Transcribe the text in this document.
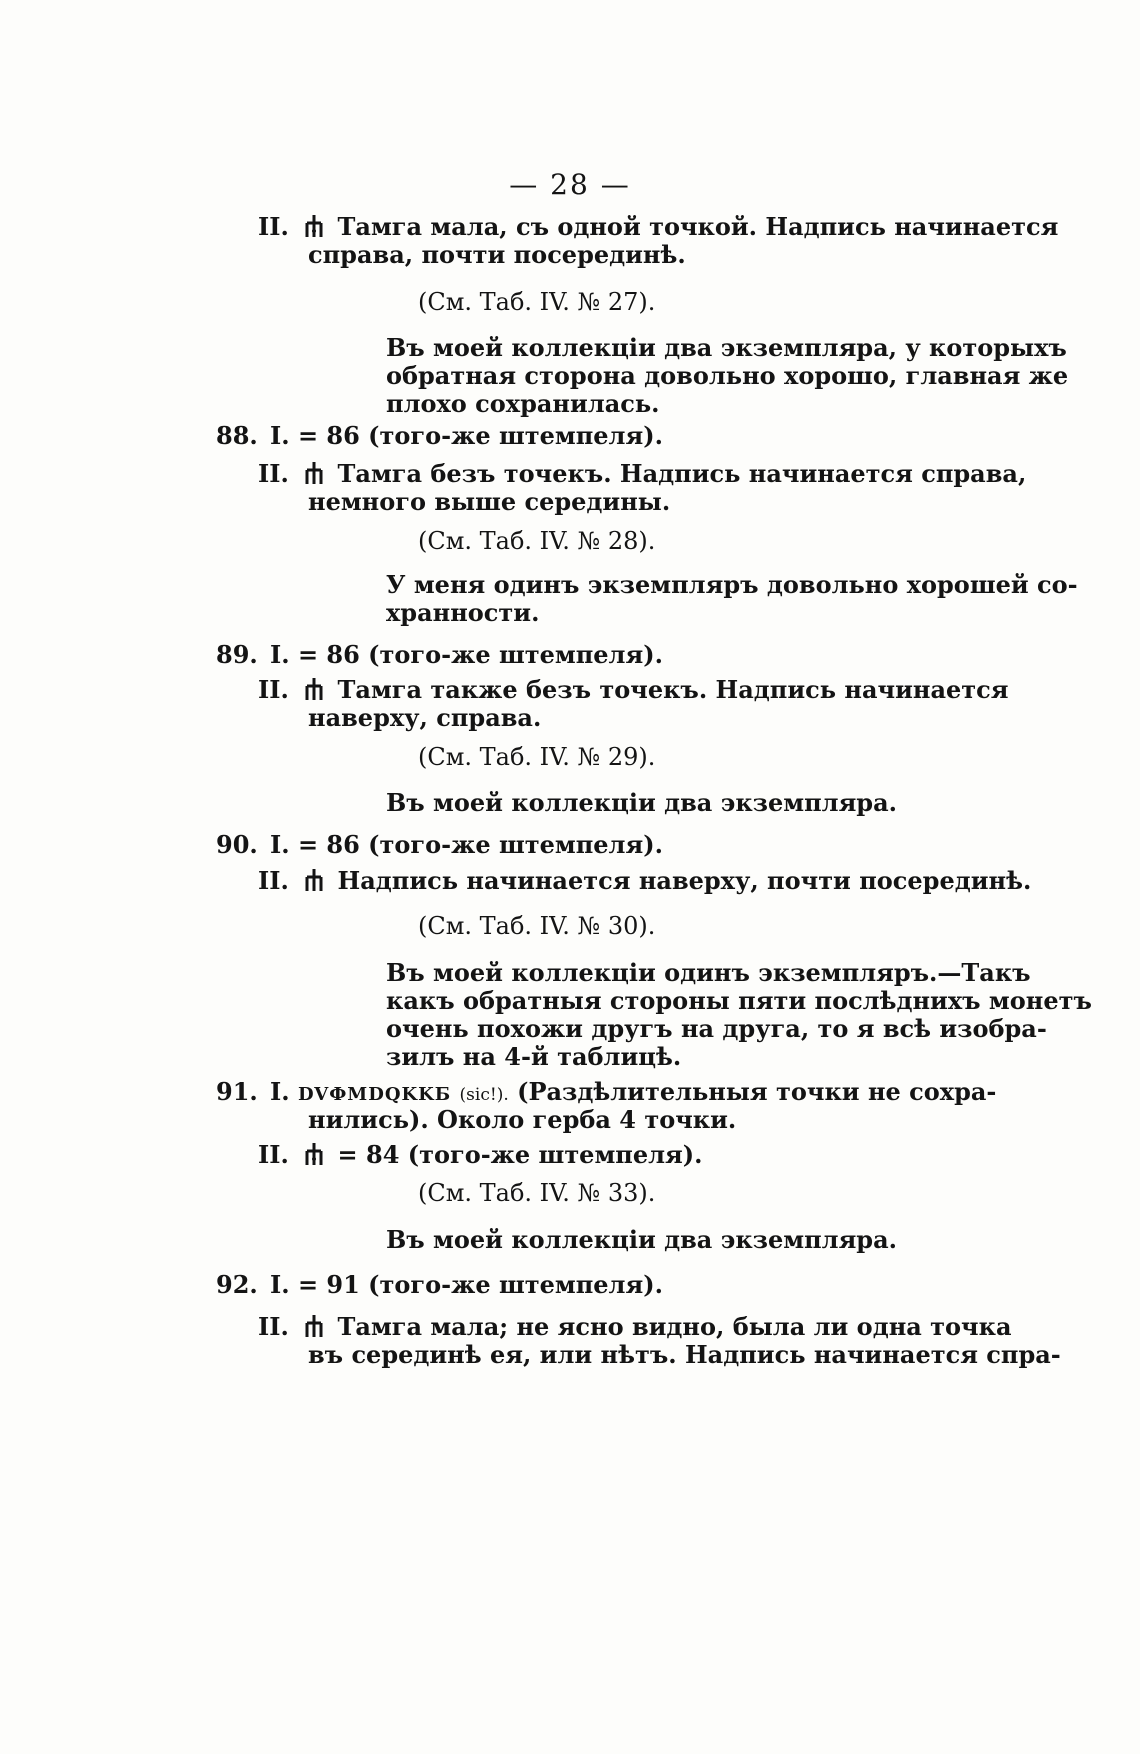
— 28 —
II. Тамга мала, съ одной точкой. Надпись начинается
справа, почти посерединѣ.
(См. Таб. IV. № 27).
Въ моей коллекціи два экземпляра, у которыхъ
обратная сторона довольно хорошо, главная же
плохо сохранилась.
88. I. = 86 (того-же штемпеля).
II. Тамга безъ точекъ. Надпись начинается справа,
немного выше середины.
(См. Таб. IV. № 28).
У меня одинъ экземпляръ довольно хорошей со-
хранности.
89. I. = 86 (того-же штемпеля).
II. Тамга также безъ точекъ. Надпись начинается
наверху, справа.
(См. Таб. IV. № 29).
Въ моей коллекціи два экземпляра.
90. I. = 86 (того-же штемпеля).
II. Надпись начинается наверху, почти посерединѣ.
(См. Таб. IV. № 30).
Въ моей коллекціи одинъ экземпляръ.—Такъ
какъ обратныя стороны пяти послѣднихъ монетъ
очень похожи другъ на друга, то я всѣ изобра-
зилъ на 4-й таблицѣ.
91. I. DVФMDQKKБ (sic!). (Раздѣлительныя точки не сохра-
нились). Около герба 4 точки.
II. = 84 (того-же штемпеля).
(См. Таб. IV. № 33).
Въ моей коллекціи два экземпляра.
92. I. = 91 (того-же штемпеля).
II. Тамга мала; не ясно видно, была ли одна точка
въ серединѣ ея, или нѣтъ. Надпись начинается спра-
